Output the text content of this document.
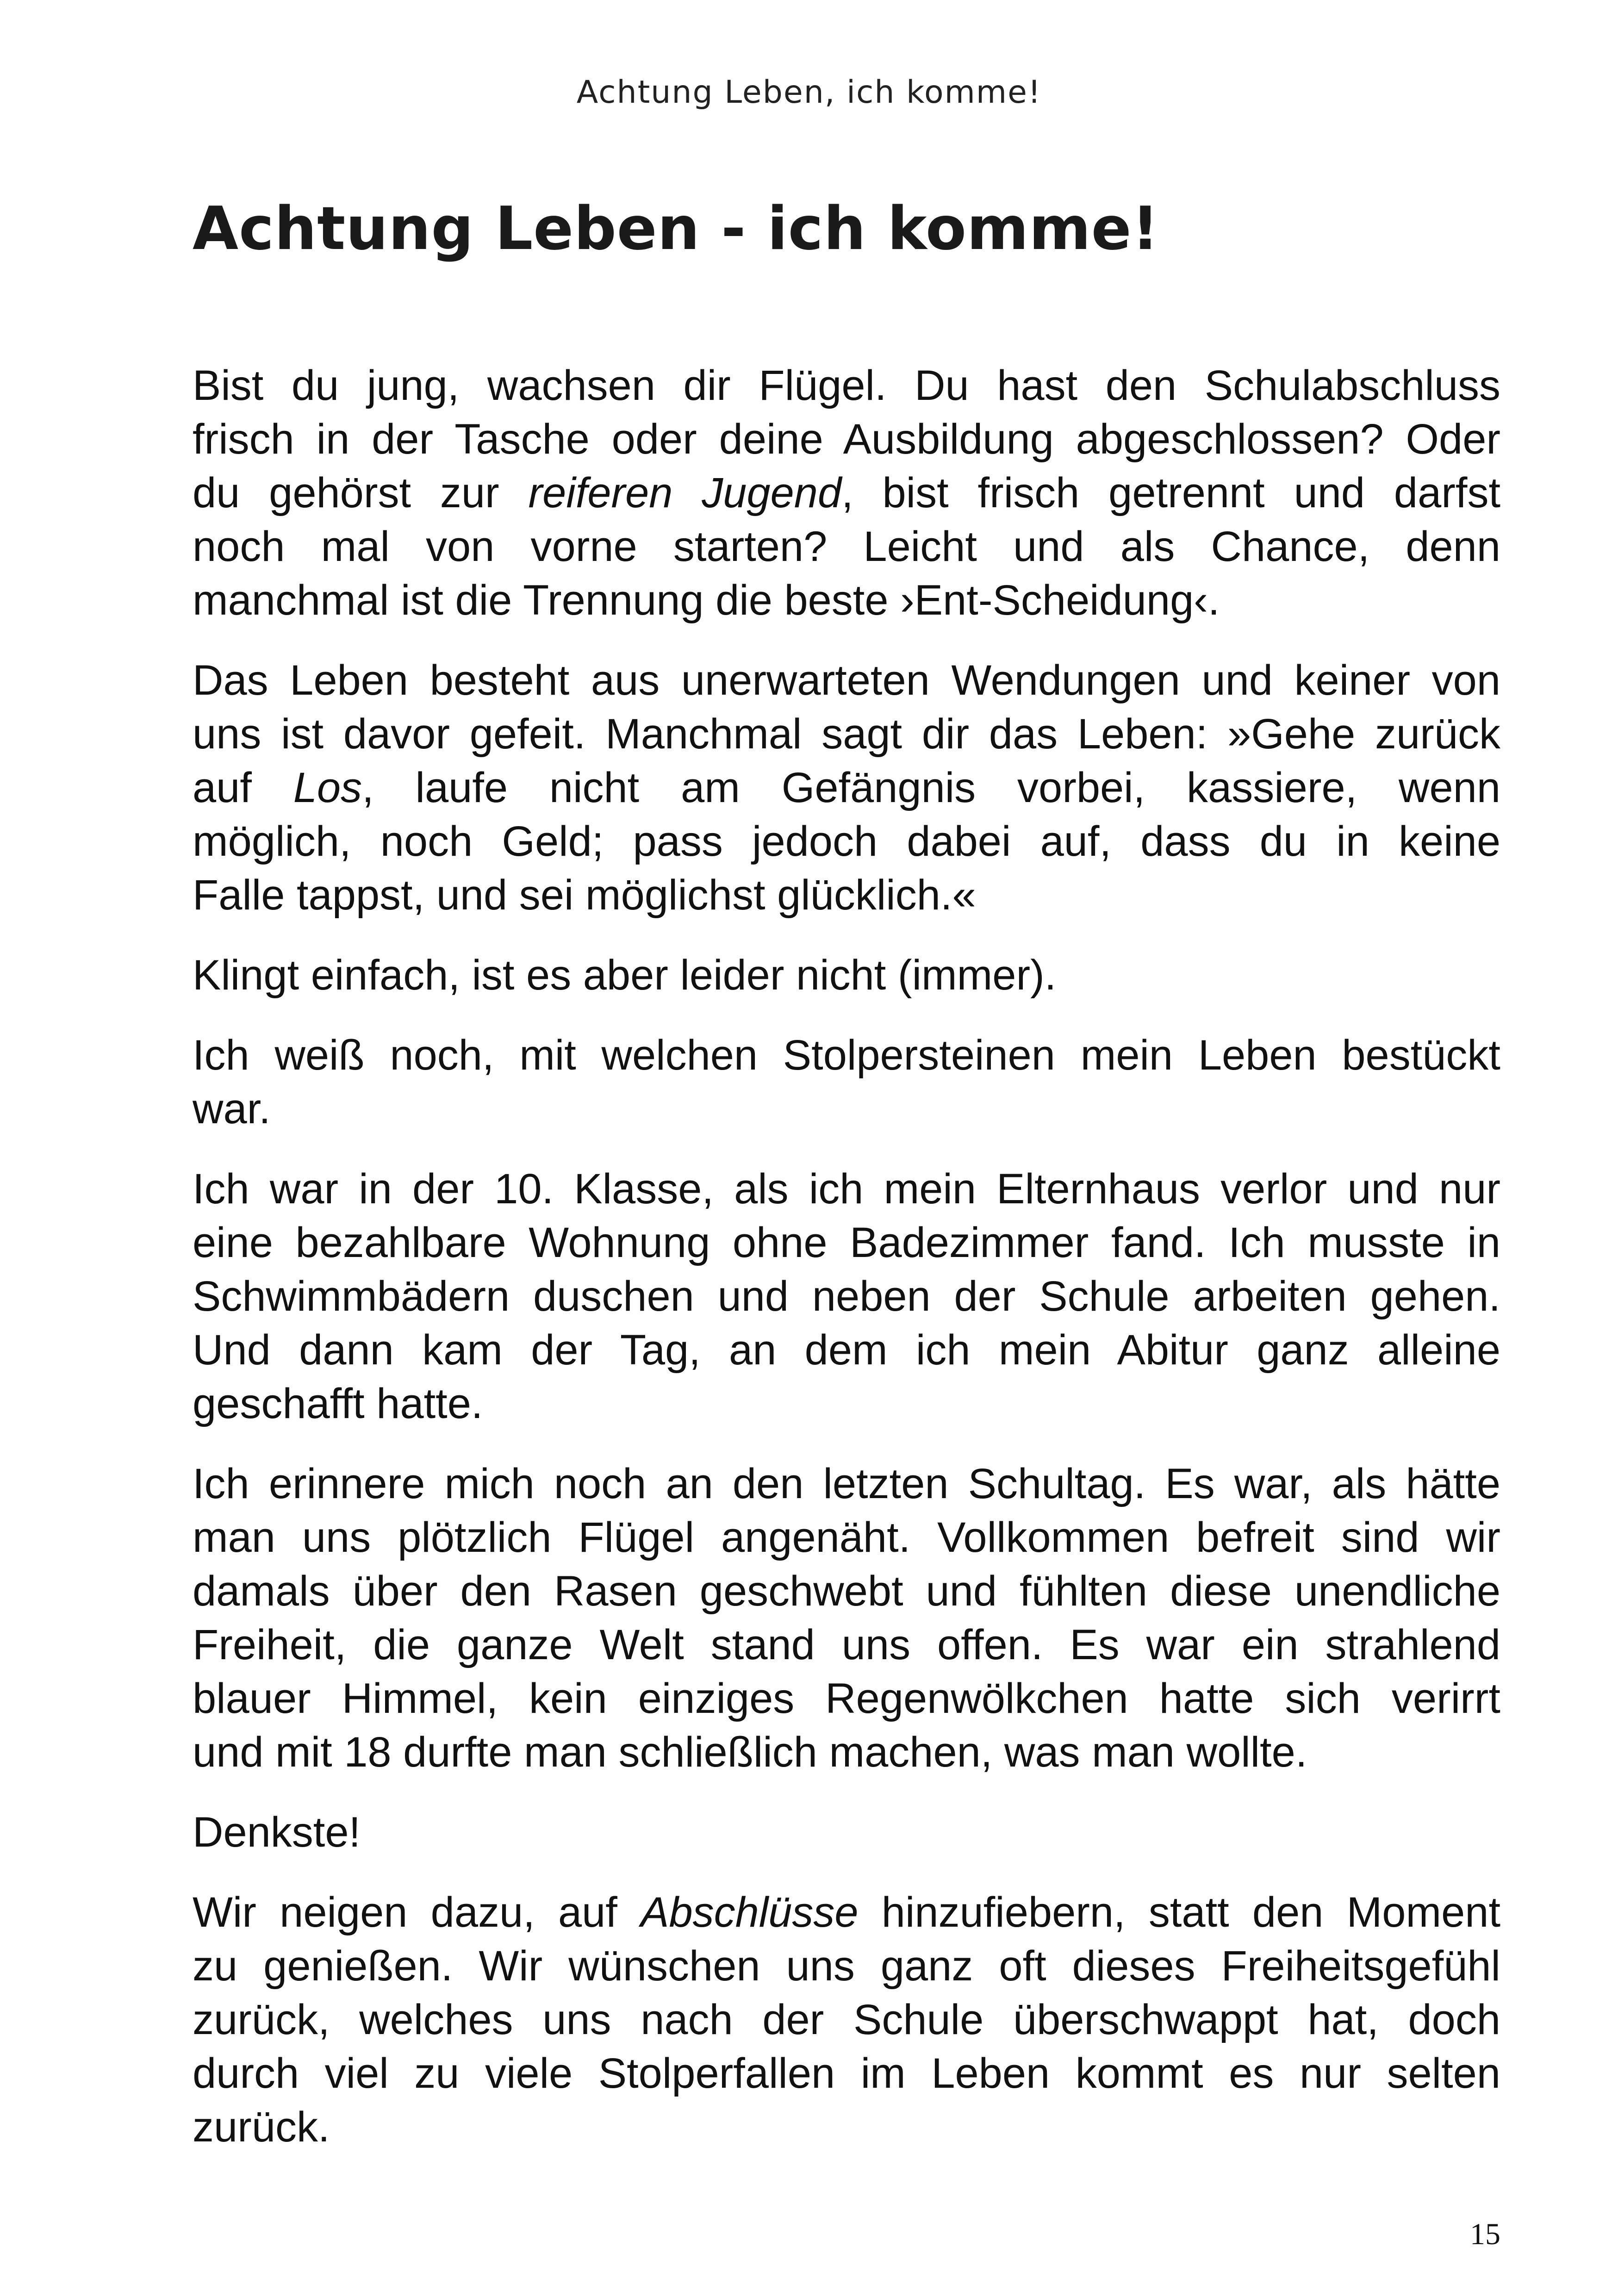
Achtung Leben, ich komme!
Achtung Leben - ich komme!
Bist du jung, wachsen dir Flügel. Du hast den Schulabschluss
frisch in der Tasche oder deine Ausbildung abgeschlossen? Oder
du gehörst zur reiferen Jugend, bist frisch getrennt und darfst
noch mal von vorne starten? Leicht und als Chance, denn
manchmal ist die Trennung die beste ›Ent-Scheidung‹.
Das Leben besteht aus unerwarteten Wendungen und keiner von
uns ist davor gefeit. Manchmal sagt dir das Leben: »Gehe zurück
auf Los, laufe nicht am Gefängnis vorbei, kassiere, wenn
möglich, noch Geld; pass jedoch dabei auf, dass du in keine
Falle tappst, und sei möglichst glücklich.«
Klingt einfach, ist es aber leider nicht (immer).
Ich weiß noch, mit welchen Stolpersteinen mein Leben bestückt
war.
Ich war in der 10. Klasse, als ich mein Elternhaus verlor und nur
eine bezahlbare Wohnung ohne Badezimmer fand. Ich musste in
Schwimmbädern duschen und neben der Schule arbeiten gehen.
Und dann kam der Tag, an dem ich mein Abitur ganz alleine
geschafft hatte.
Ich erinnere mich noch an den letzten Schultag. Es war, als hätte
man uns plötzlich Flügel angenäht. Vollkommen befreit sind wir
damals über den Rasen geschwebt und fühlten diese unendliche
Freiheit, die ganze Welt stand uns offen. Es war ein strahlend
blauer Himmel, kein einziges Regenwölkchen hatte sich verirrt
und mit 18 durfte man schließlich machen, was man wollte.
Denkste!
Wir neigen dazu, auf Abschlüsse hinzufiebern, statt den Moment
zu genießen. Wir wünschen uns ganz oft dieses Freiheitsgefühl
zurück, welches uns nach der Schule überschwappt hat, doch
durch viel zu viele Stolperfallen im Leben kommt es nur selten
zurück.
15
